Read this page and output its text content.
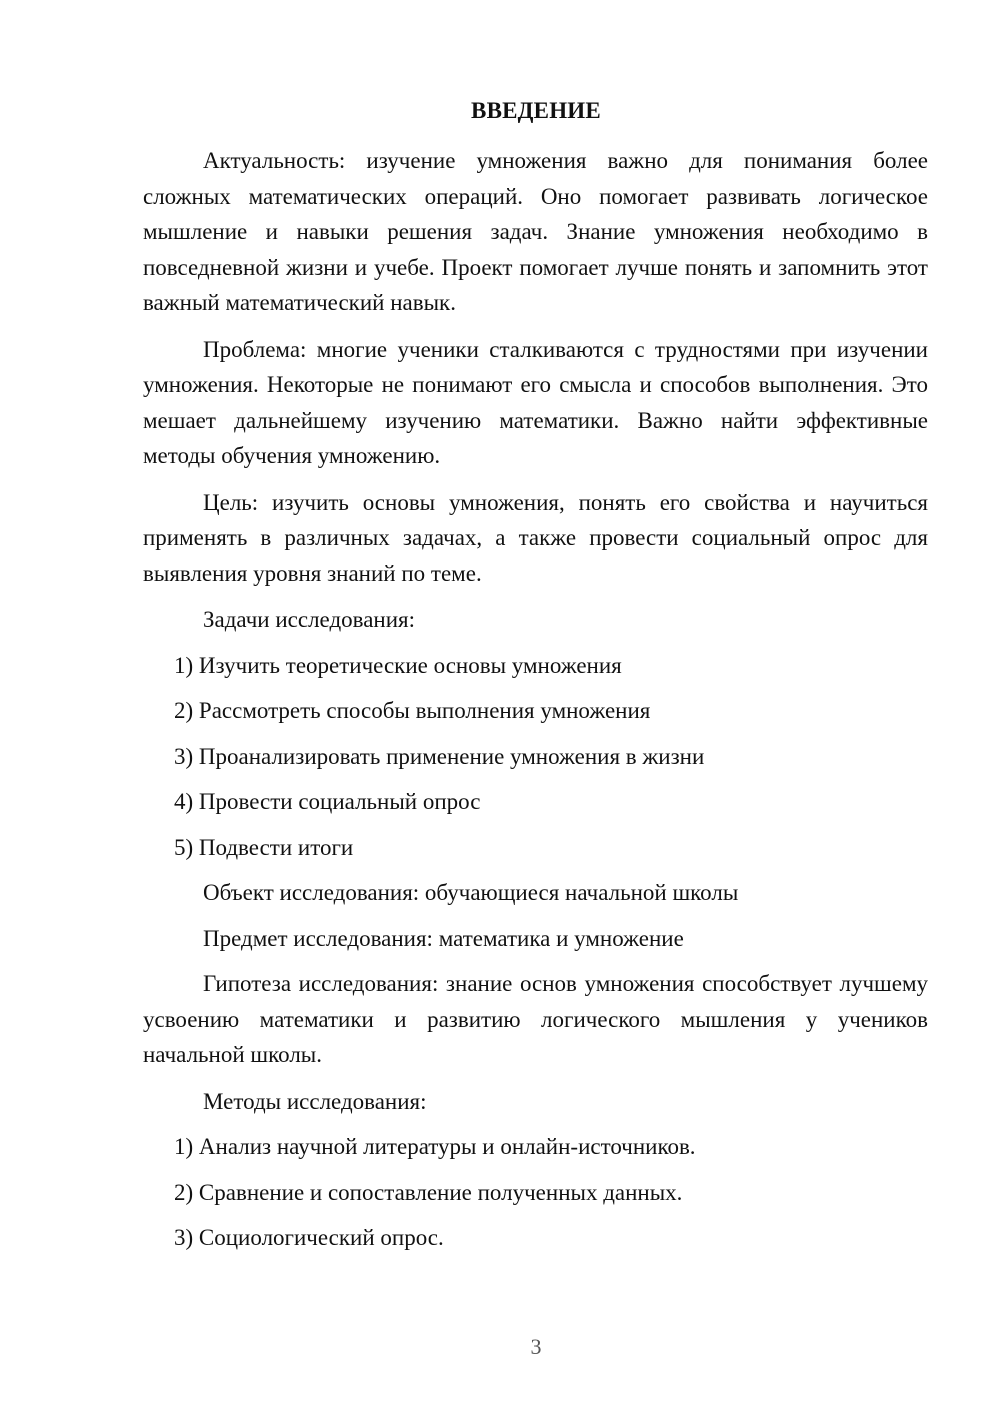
ВВЕДЕНИЕ

Актуальность: изучение умножения важно для понимания более сложных математических операций. Оно помогает развивать логическое мышление и навыки решения задач. Знание умножения необходимо в повседневной жизни и учебе. Проект помогает лучше понять и запомнить этот важный математический навык.

Проблема: многие ученики сталкиваются с трудностями при изучении умножения. Некоторые не понимают его смысла и способов выполнения. Это мешает дальнейшему изучению математики. Важно найти эффективные методы обучения умножению.

Цель: изучить основы умножения, понять его свойства и научиться применять в различных задачах, а также провести социальный опрос для выявления уровня знаний по теме.

Задачи исследования:
1) Изучить теоретические основы умножения
2) Рассмотреть способы выполнения умножения
3) Проанализировать применение умножения в жизни
4) Провести социальный опрос
5) Подвести итоги
Объект исследования: обучающиеся начальной школы
Предмет исследования: математика и умножение

Гипотеза исследования: знание основ умножения способствует лучшему усвоению математики и развитию логического мышления у учеников начальной школы.

Методы исследования:
1) Анализ научной литературы и онлайн-источников.
2) Сравнение и сопоставление полученных данных.
3) Социологический опрос.
3
